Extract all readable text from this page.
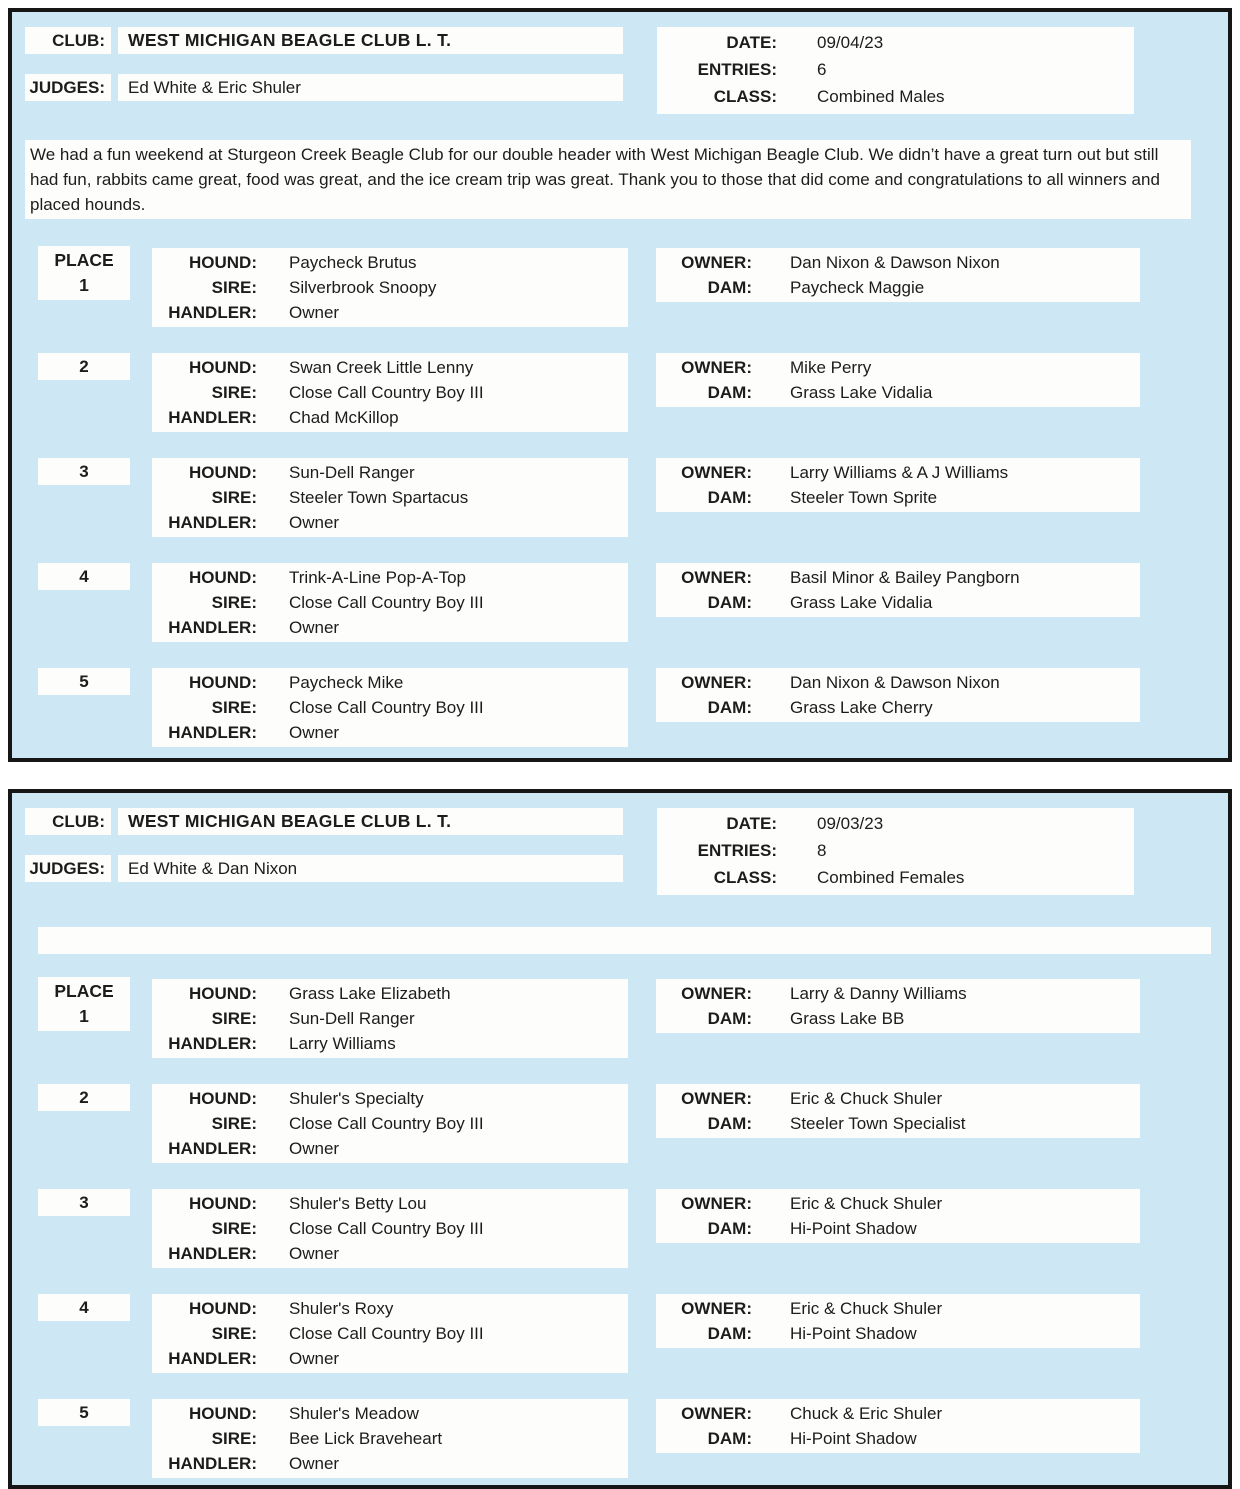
CLUB:	WEST MICHIGAN BEAGLE CLUB L. T.
JUDGES:	Ed White & Eric Shuler
DATE:	09/04/23
ENTRIES:	6
CLASS:	Combined Males
We had a fun weekend at Sturgeon Creek Beagle Club for our double header with West Michigan Beagle Club. We didn’t have a great turn out but still had fun, rabbits came great, food was great, and the ice cream trip was great. Thank you to those that did come and congratulations to all winners and placed hounds.
PLACE
1
HOUND: Paycheck Brutus
SIRE: Silverbrook Snoopy
HANDLER: Owner
OWNER: Dan Nixon & Dawson Nixon
DAM: Paycheck Maggie
2	HOUND: Swan Creek Little Lenny
SIRE: Close Call Country Boy III
HANDLER: Chad McKillop
OWNER: Mike Perry
DAM: Grass Lake Vidalia
3	HOUND: Sun-Dell Ranger
SIRE: Steeler Town Spartacus
HANDLER: Owner
OWNER: Larry Williams & A J Williams
DAM: Steeler Town Sprite
4	HOUND: Trink-A-Line Pop-A-Top
SIRE: Close Call Country Boy III
HANDLER: Owner
OWNER: Basil Minor & Bailey Pangborn
DAM: Grass Lake Vidalia
5	HOUND: Paycheck Mike
SIRE: Close Call Country Boy III
HANDLER: Owner
OWNER: Dan Nixon & Dawson Nixon
DAM: Grass Lake Cherry
CLUB:	WEST MICHIGAN BEAGLE CLUB L. T.
JUDGES:	Ed White & Dan Nixon
DATE:	09/03/23
ENTRIES:	8
CLASS:	Combined Females
PLACE
1
HOUND: Grass Lake Elizabeth
SIRE: Sun-Dell Ranger
HANDLER: Larry Williams
OWNER: Larry & Danny Williams
DAM: Grass Lake BB
2	HOUND: Shuler's Specialty
SIRE: Close Call Country Boy III
HANDLER: Owner
OWNER: Eric & Chuck Shuler
DAM: Steeler Town Specialist
3	HOUND: Shuler's Betty Lou
SIRE: Close Call Country Boy III
HANDLER: Owner
OWNER: Eric & Chuck Shuler
DAM: Hi-Point Shadow
4	HOUND: Shuler's Roxy
SIRE: Close Call Country Boy III
HANDLER: Owner
OWNER: Eric & Chuck Shuler
DAM: Hi-Point Shadow
5	HOUND: Shuler's Meadow
SIRE: Bee Lick Braveheart
HANDLER: Owner
OWNER: Chuck & Eric Shuler
DAM: Hi-Point Shadow
